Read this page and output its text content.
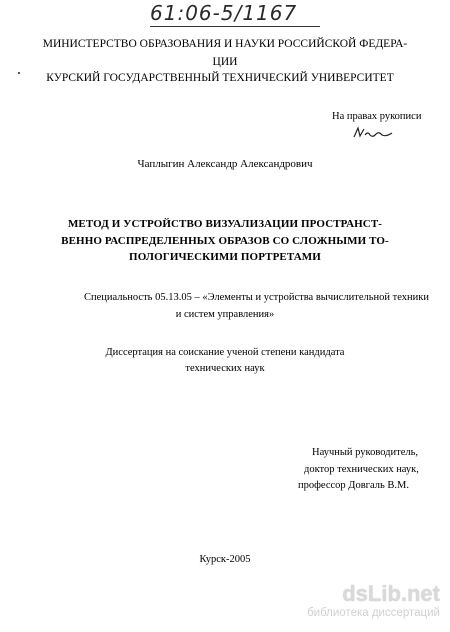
61:06-5/1167
МИНИСТЕРСТВО ОБРАЗОВАНИЯ И НАУКИ РОССИЙСКОЙ ФЕДЕРА-
ЦИИ
КУРСКИЙ ГОСУДАРСТВЕННЫЙ ТЕХНИЧЕСКИЙ УНИВЕРСИТЕТ
На правах рукописи
Чаплыгин Александр Александрович
МЕТОД И УСТРОЙСТВО ВИЗУАЛИЗАЦИИ ПРОСТРАНСТ-
ВЕННО РАСПРЕДЕЛЕННЫХ ОБРАЗОВ СО СЛОЖНЫМИ ТО-
ПОЛОГИЧЕСКИМИ ПОРТРЕТАМИ
Специальность 05.13.05 – «Элементы и устройства вычислительной техники
и систем управления»
Диссертация на соискание ученой степени кандидата
технических наук
Научный руководитель,
доктор технических наук,
профессор Довгаль В.М.
Курск-2005
dsLib.net
библиотека диссертаций
